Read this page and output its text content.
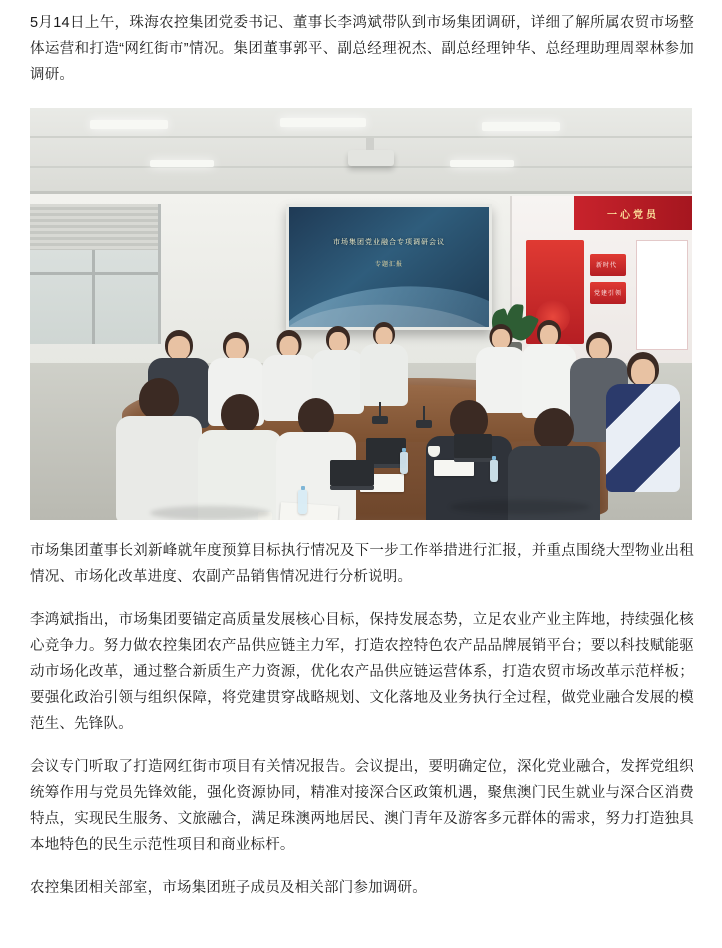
5月14日上午，珠海农控集团党委书记、董事长李鸿斌带队到市场集团调研，详细了解所属农贸市场整体运营和打造“网红街市”情况。集团董事郭平、副总经理祝杰、副总经理钟华、总经理助理周翠林参加调研。

市场集团党业融合专项调研会议
专题汇报
一心党员
新时代
党建引领

市场集团董事长刘新峰就年度预算目标执行情况及下一步工作举措进行汇报，并重点围绕大型物业出租情况、市场化改革进度、农副产品销售情况进行分析说明。

李鸿斌指出，市场集团要锚定高质量发展核心目标，保持发展态势，立足农业产业主阵地，持续强化核心竞争力。努力做农控集团农产品供应链主力军，打造农控特色农产品品牌展销平台；要以科技赋能驱动市场化改革，通过整合新质生产力资源，优化农产品供应链运营体系，打造农贸市场改革示范样板；要强化政治引领与组织保障，将党建贯穿战略规划、文化落地及业务执行全过程，做党业融合发展的模范生、先锋队。

会议专门听取了打造网红街市项目有关情况报告。会议提出，要明确定位，深化党业融合，发挥党组织统筹作用与党员先锋效能，强化资源协同，精准对接深合区政策机遇，聚焦澳门民生就业与深合区消费特点，实现民生服务、文旅融合，满足珠澳两地居民、澳门青年及游客多元群体的需求，努力打造独具本地特色的民生示范性项目和商业标杆。

农控集团相关部室，市场集团班子成员及相关部门参加调研。
